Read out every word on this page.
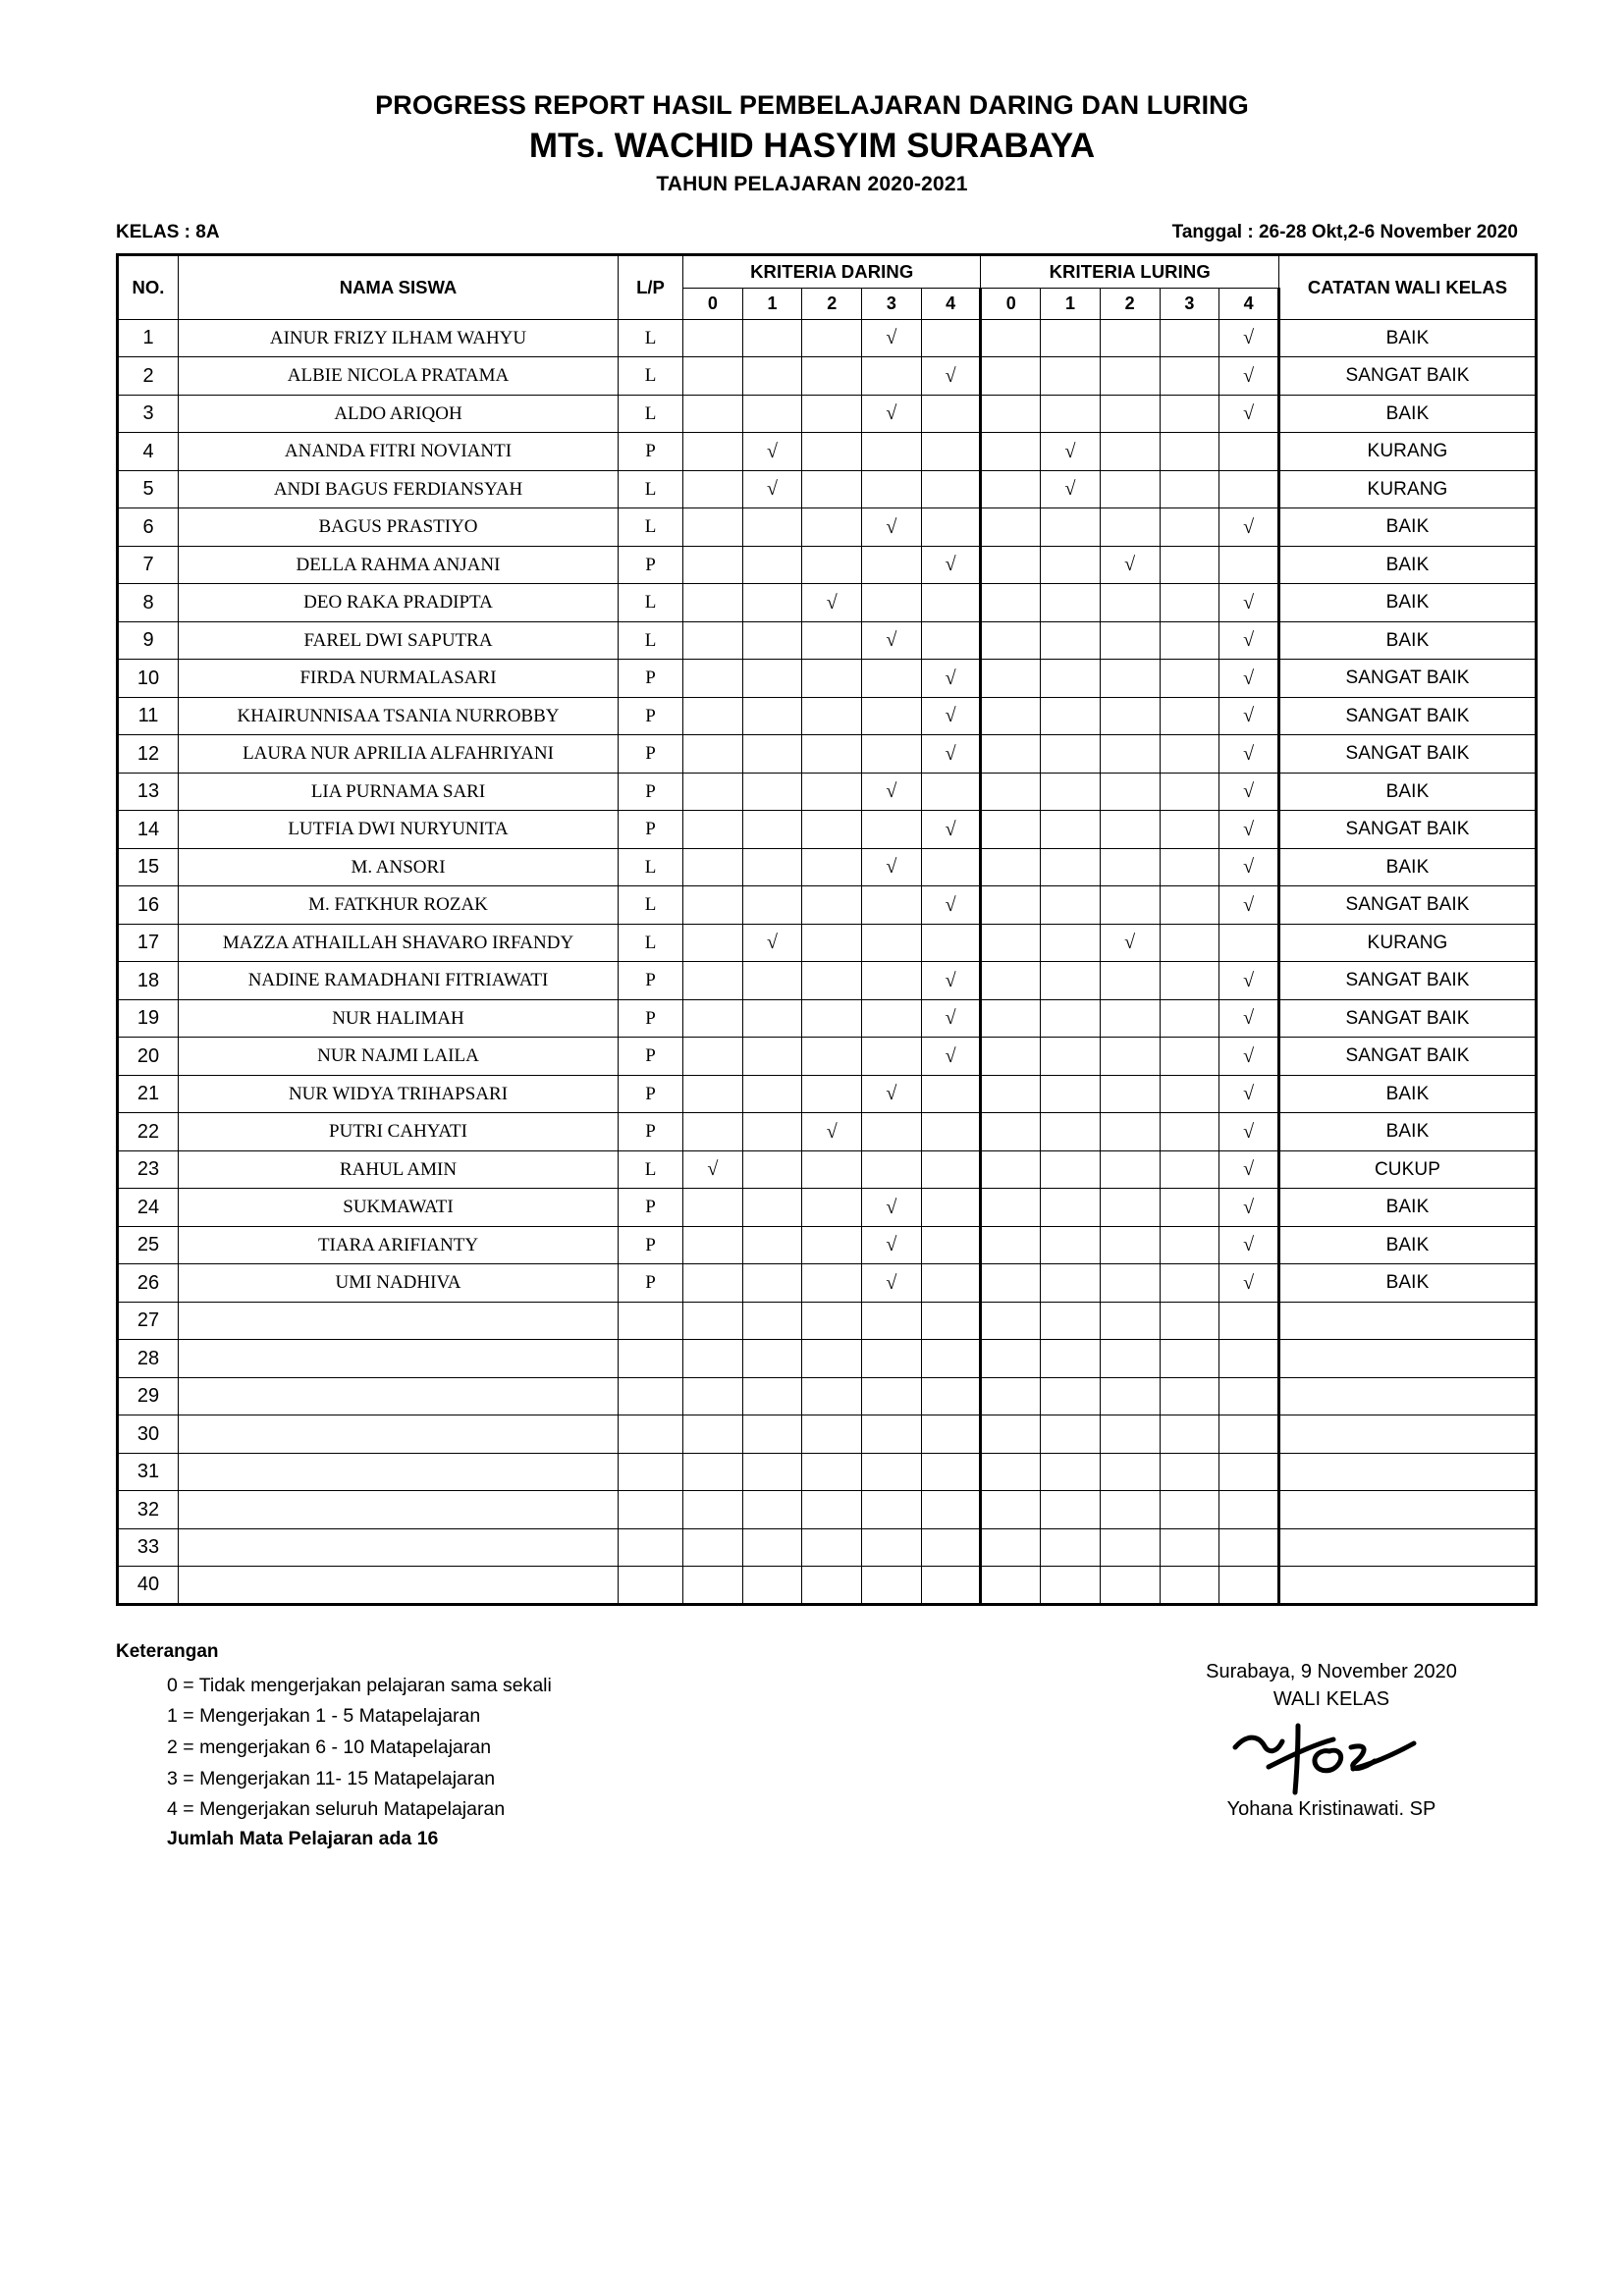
PROGRESS REPORT HASIL PEMBELAJARAN DARING DAN LURING
MTs. WACHID HASYIM SURABAYA
TAHUN PELAJARAN 2020-2021
KELAS : 8A	Tanggal : 26-28 Okt,2-6 November 2020
NO.	NAMA SISWA	L/P	KRITERIA DARING					KRITERIA LURING					CATATAN WALI KELAS
			0	1	2	3	4	0	1	2	3	4	
1	AINUR FRIZY ILHAM WAHYU	L				√						√	BAIK
2	ALBIE NICOLA PRATAMA	L					√					√	SANGAT BAIK
3	ALDO ARIQOH	L				√						√	BAIK
4	ANANDA FITRI NOVIANTI	P		√					√				KURANG
5	ANDI BAGUS FERDIANSYAH	L		√					√				KURANG
6	BAGUS PRASTIYO	L				√						√	BAIK
7	DELLA RAHMA ANJANI	P					√			√			BAIK
8	DEO RAKA PRADIPTA	L			√							√	BAIK
9	FAREL DWI SAPUTRA	L				√						√	BAIK
10	FIRDA NURMALASARI	P					√					√	SANGAT BAIK
11	KHAIRUNNISAA TSANIA NURROBBY	P					√					√	SANGAT BAIK
12	LAURA NUR APRILIA ALFAHRIYANI	P					√					√	SANGAT BAIK
13	LIA PURNAMA SARI	P				√						√	BAIK
14	LUTFIA DWI NURYUNITA	P					√					√	SANGAT BAIK
15	M. ANSORI	L				√						√	BAIK
16	M. FATKHUR ROZAK	L					√					√	SANGAT BAIK
17	MAZZA ATHAILLAH SHAVARO IRFANDY	L		√						√			KURANG
18	NADINE RAMADHANI FITRIAWATI	P					√					√	SANGAT BAIK
19	NUR HALIMAH	P					√					√	SANGAT BAIK
20	NUR NAJMI LAILA	P					√					√	SANGAT BAIK
21	NUR WIDYA TRIHAPSARI	P				√						√	BAIK
22	PUTRI CAHYATI	P			√							√	BAIK
23	RAHUL AMIN	L	√									√	CUKUP
24	SUKMAWATI	P				√						√	BAIK
25	TIARA ARIFIANTY	P				√						√	BAIK
26	UMI NADHIVA	P				√						√	BAIK
27													
28													
29													
30													
31													
32													
33													
40													
Keterangan
0 = Tidak mengerjakan pelajaran sama sekali
1 = Mengerjakan 1 - 5 Matapelajaran
2 = mengerjakan 6 - 10 Matapelajaran
3 = Mengerjakan 11- 15 Matapelajaran
4 = Mengerjakan seluruh Matapelajaran
Jumlah Mata Pelajaran ada 16
Surabaya, 9 November 2020
WALI KELAS
Yohana Kristinawati. SP
